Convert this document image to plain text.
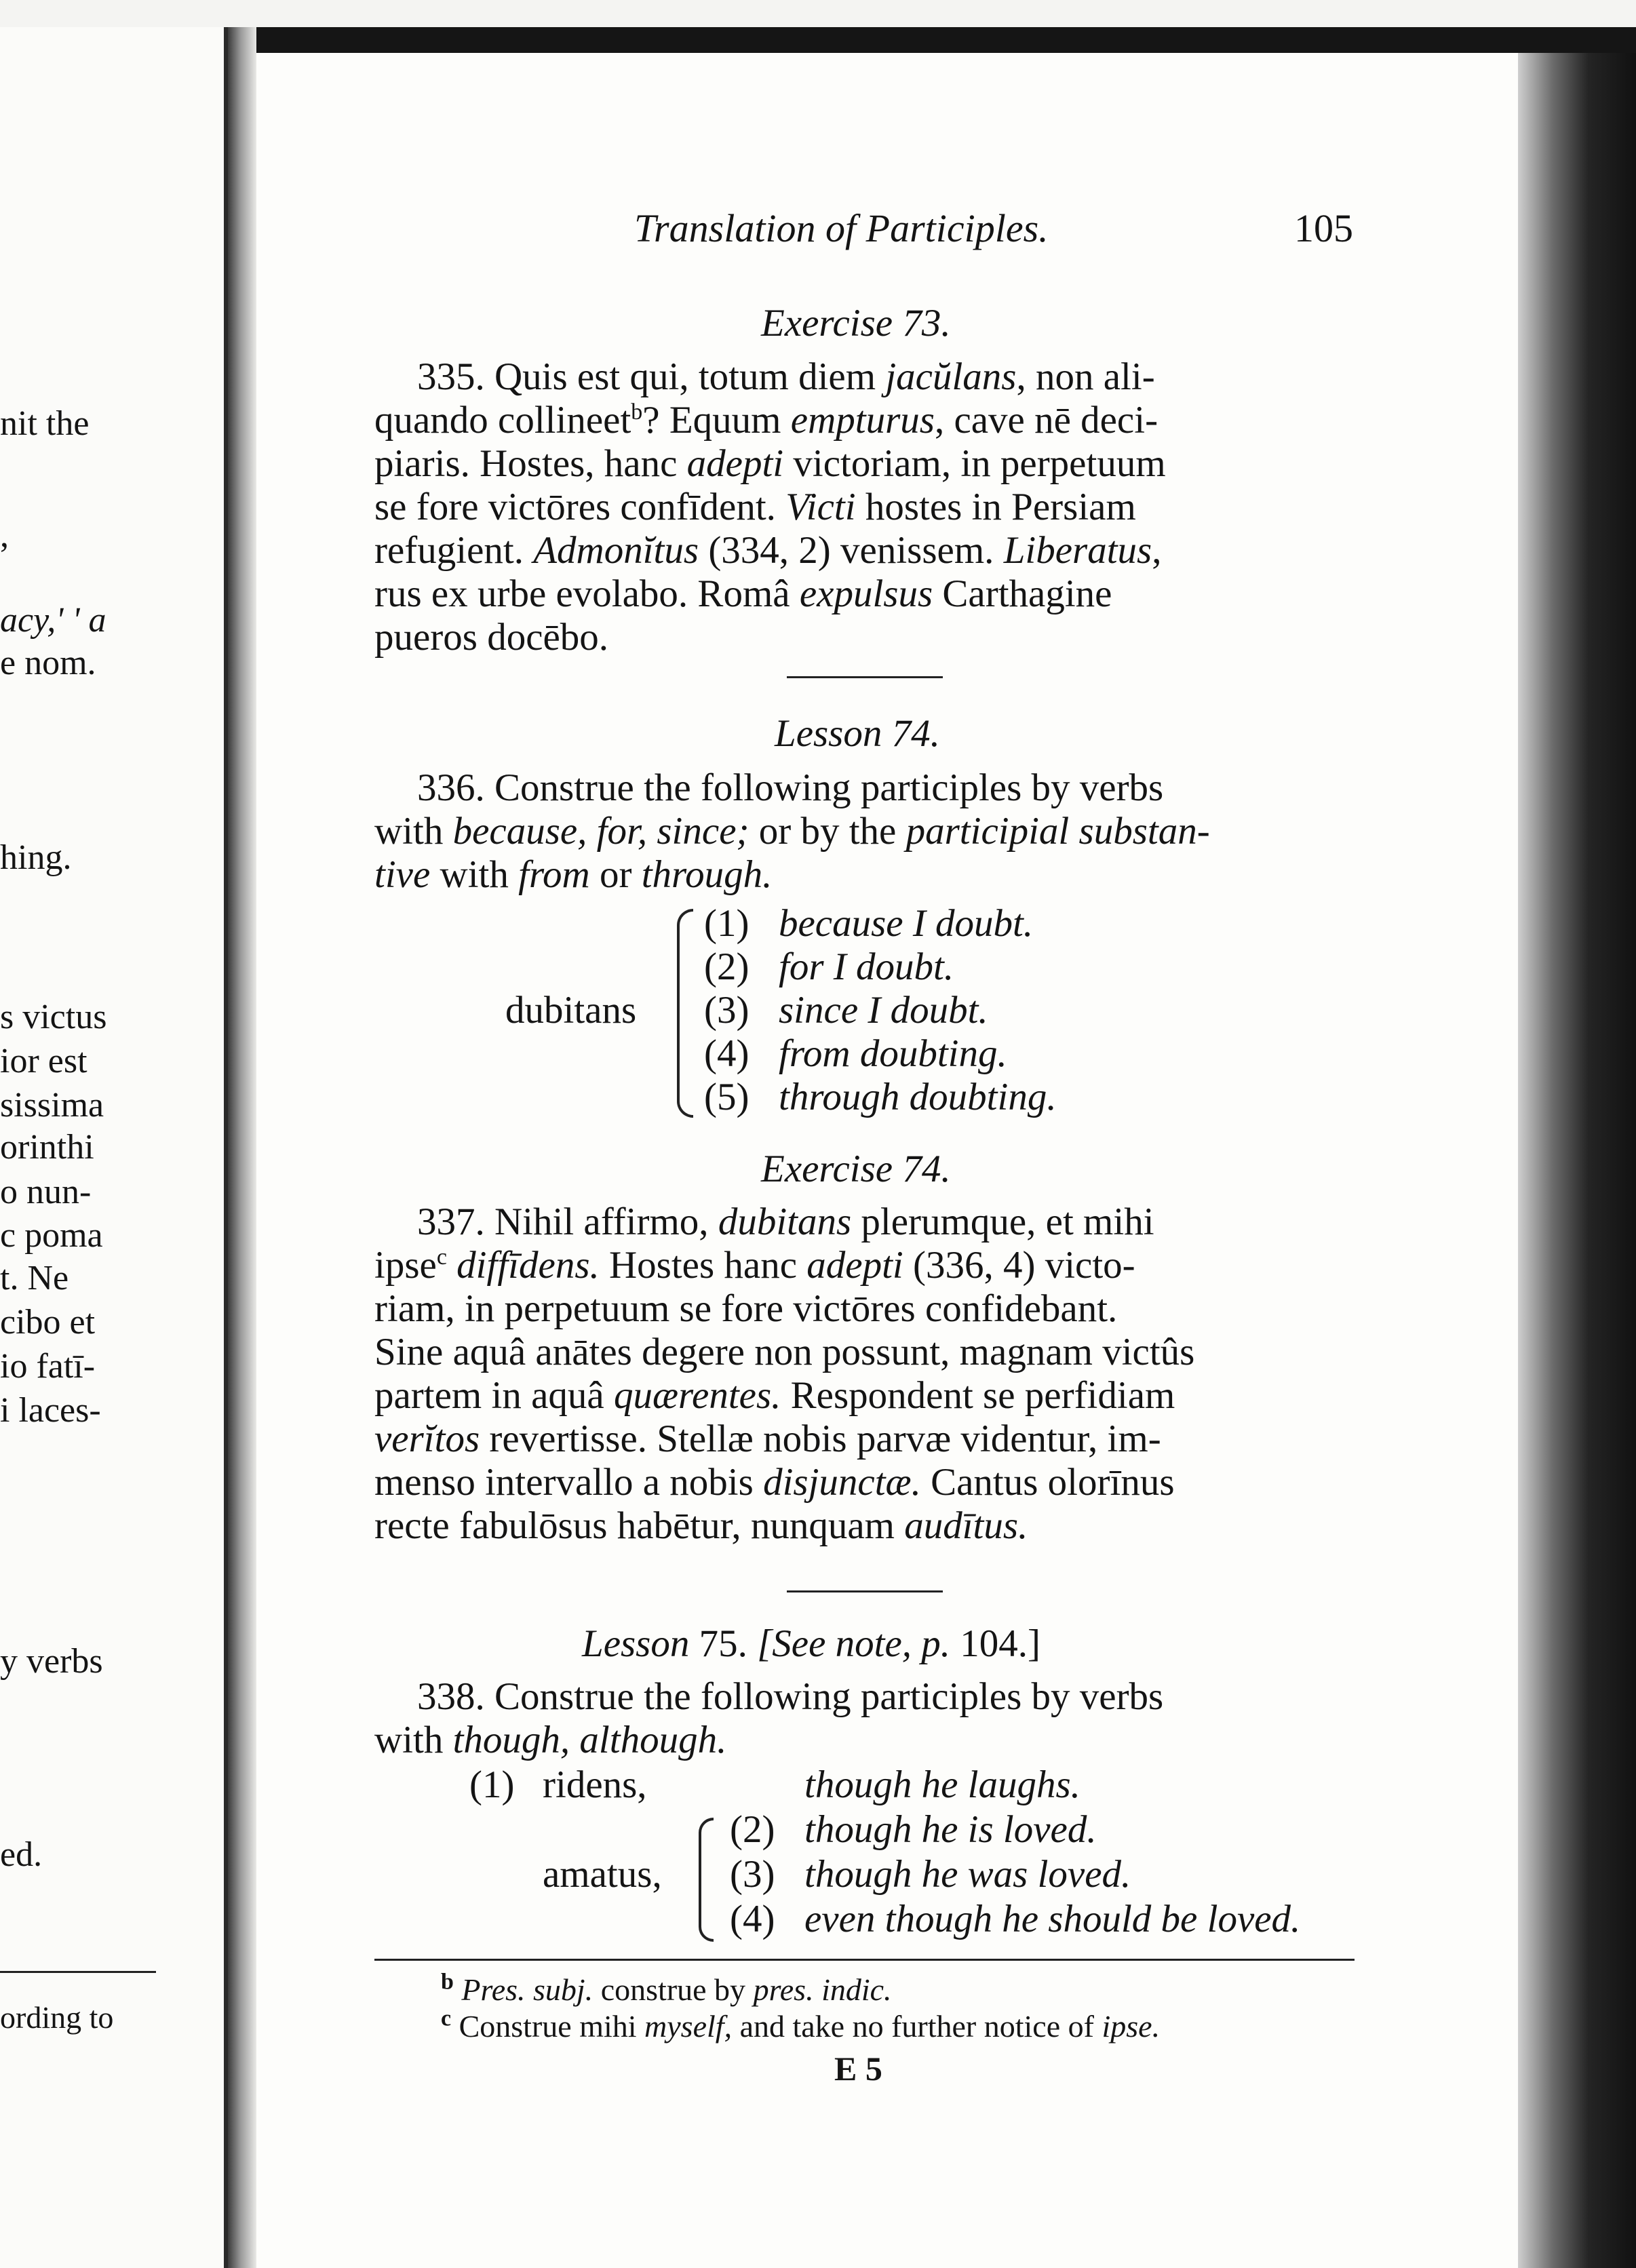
nit the
,
acy,' ' a
e nom.
hing.
s victus
ior est
sissima
orinthi
o nun-
c poma
t. Ne
cibo et
io fatī-
i laces-
y verbs
ed.
ording to
Translation of Participles.	105
Exercise 73.
335. Quis est qui, totum diem jacŭlans, non ali-
quando collineet$^b$? Equum empturus, cave nē deci-
piaris. Hostes, hanc adepti victoriam, in perpetuum
se fore victōres confīdent. Victi hostes in Persiam
refugient. Admonĭtus (334, 2) venissem. Liberatus,
rus ex urbe evolabo. Româ expulsus Carthagine
pueros docēbo.
Lesson 74.
336. Construe the following participles by verbs
with because, for, since; or by the participial substan-
tive with from or through.
dubitans
(1) because I doubt.
(2) for I doubt.
(3) since I doubt.
(4) from doubting.
(5) through doubting.
Exercise 74.
337. Nihil affirmo, dubitans plerumque, et mihi
ipse$^c$ diffīdens. Hostes hanc adepti (336, 4) victo-
riam, in perpetuum se fore victōres confidebant.
Sine aquâ anātes degere non possunt, magnam victûs
partem in aquâ quærentes. Respondent se perfidiam
verĭtos revertisse. Stellæ nobis parvæ videntur, im-
menso intervallo a nobis disjunctæ. Cantus olorīnus
recte fabulōsus habētur, nunquam audītus.
Lesson 75. [See note, p. 104.]
338. Construe the following participles by verbs
with though, although.
(1) ridens,	though he laughs.
amatus,
(2) though he is loved.
(3) though he was loved.
(4) even though he should be loved.
$^b$ Pres. subj. construe by pres. indic.
$^c$ Construe mihi myself, and take no further notice of ipse.
E 5
